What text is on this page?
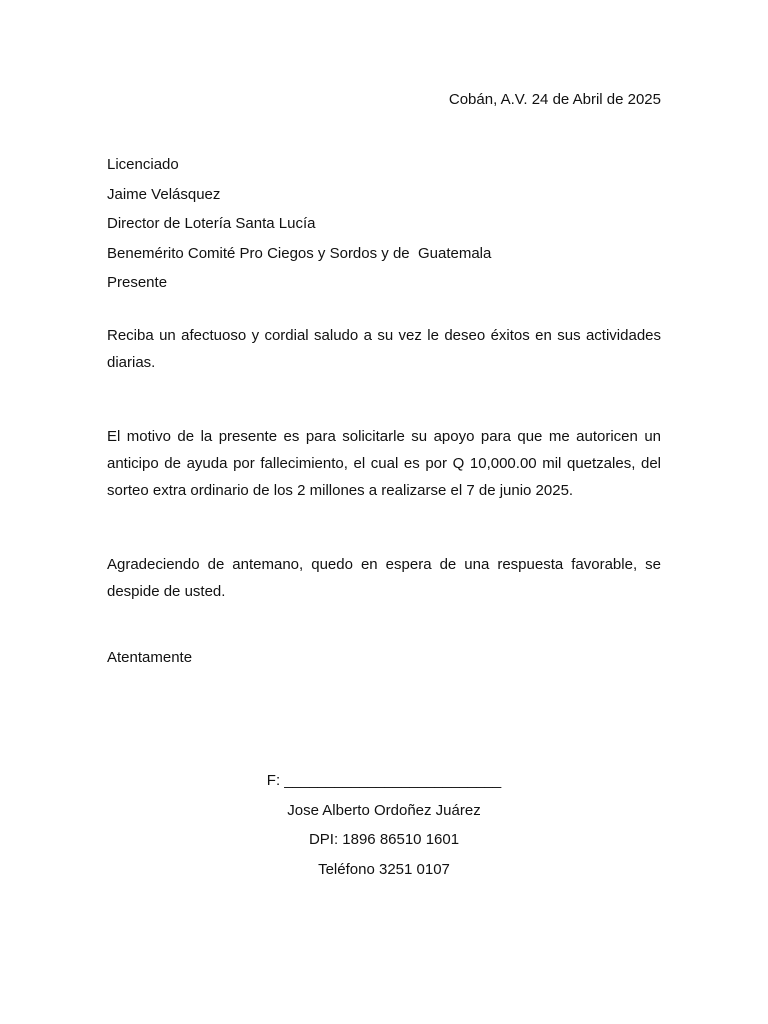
Cobán, A.V. 24 de Abril de 2025
Licenciado
Jaime Velásquez
Director de Lotería Santa Lucía
Benemérito Comité Pro Ciegos y Sordos y de  Guatemala
Presente

Reciba un afectuoso y cordial saludo a su vez le deseo éxitos en sus actividades diarias.

El motivo de la presente es para solicitarle su apoyo para que me autoricen un anticipo de ayuda por fallecimiento, el cual es por Q 10,000.00 mil quetzales, del sorteo extra ordinario de los 2 millones a realizarse el 7 de junio 2025.

Agradeciendo de antemano, quedo en espera de una respuesta favorable, se despide de usted.

Atentamente
F: __________________________
Jose Alberto Ordoñez Juárez
DPI: 1896 86510 1601
Teléfono 3251 0107
